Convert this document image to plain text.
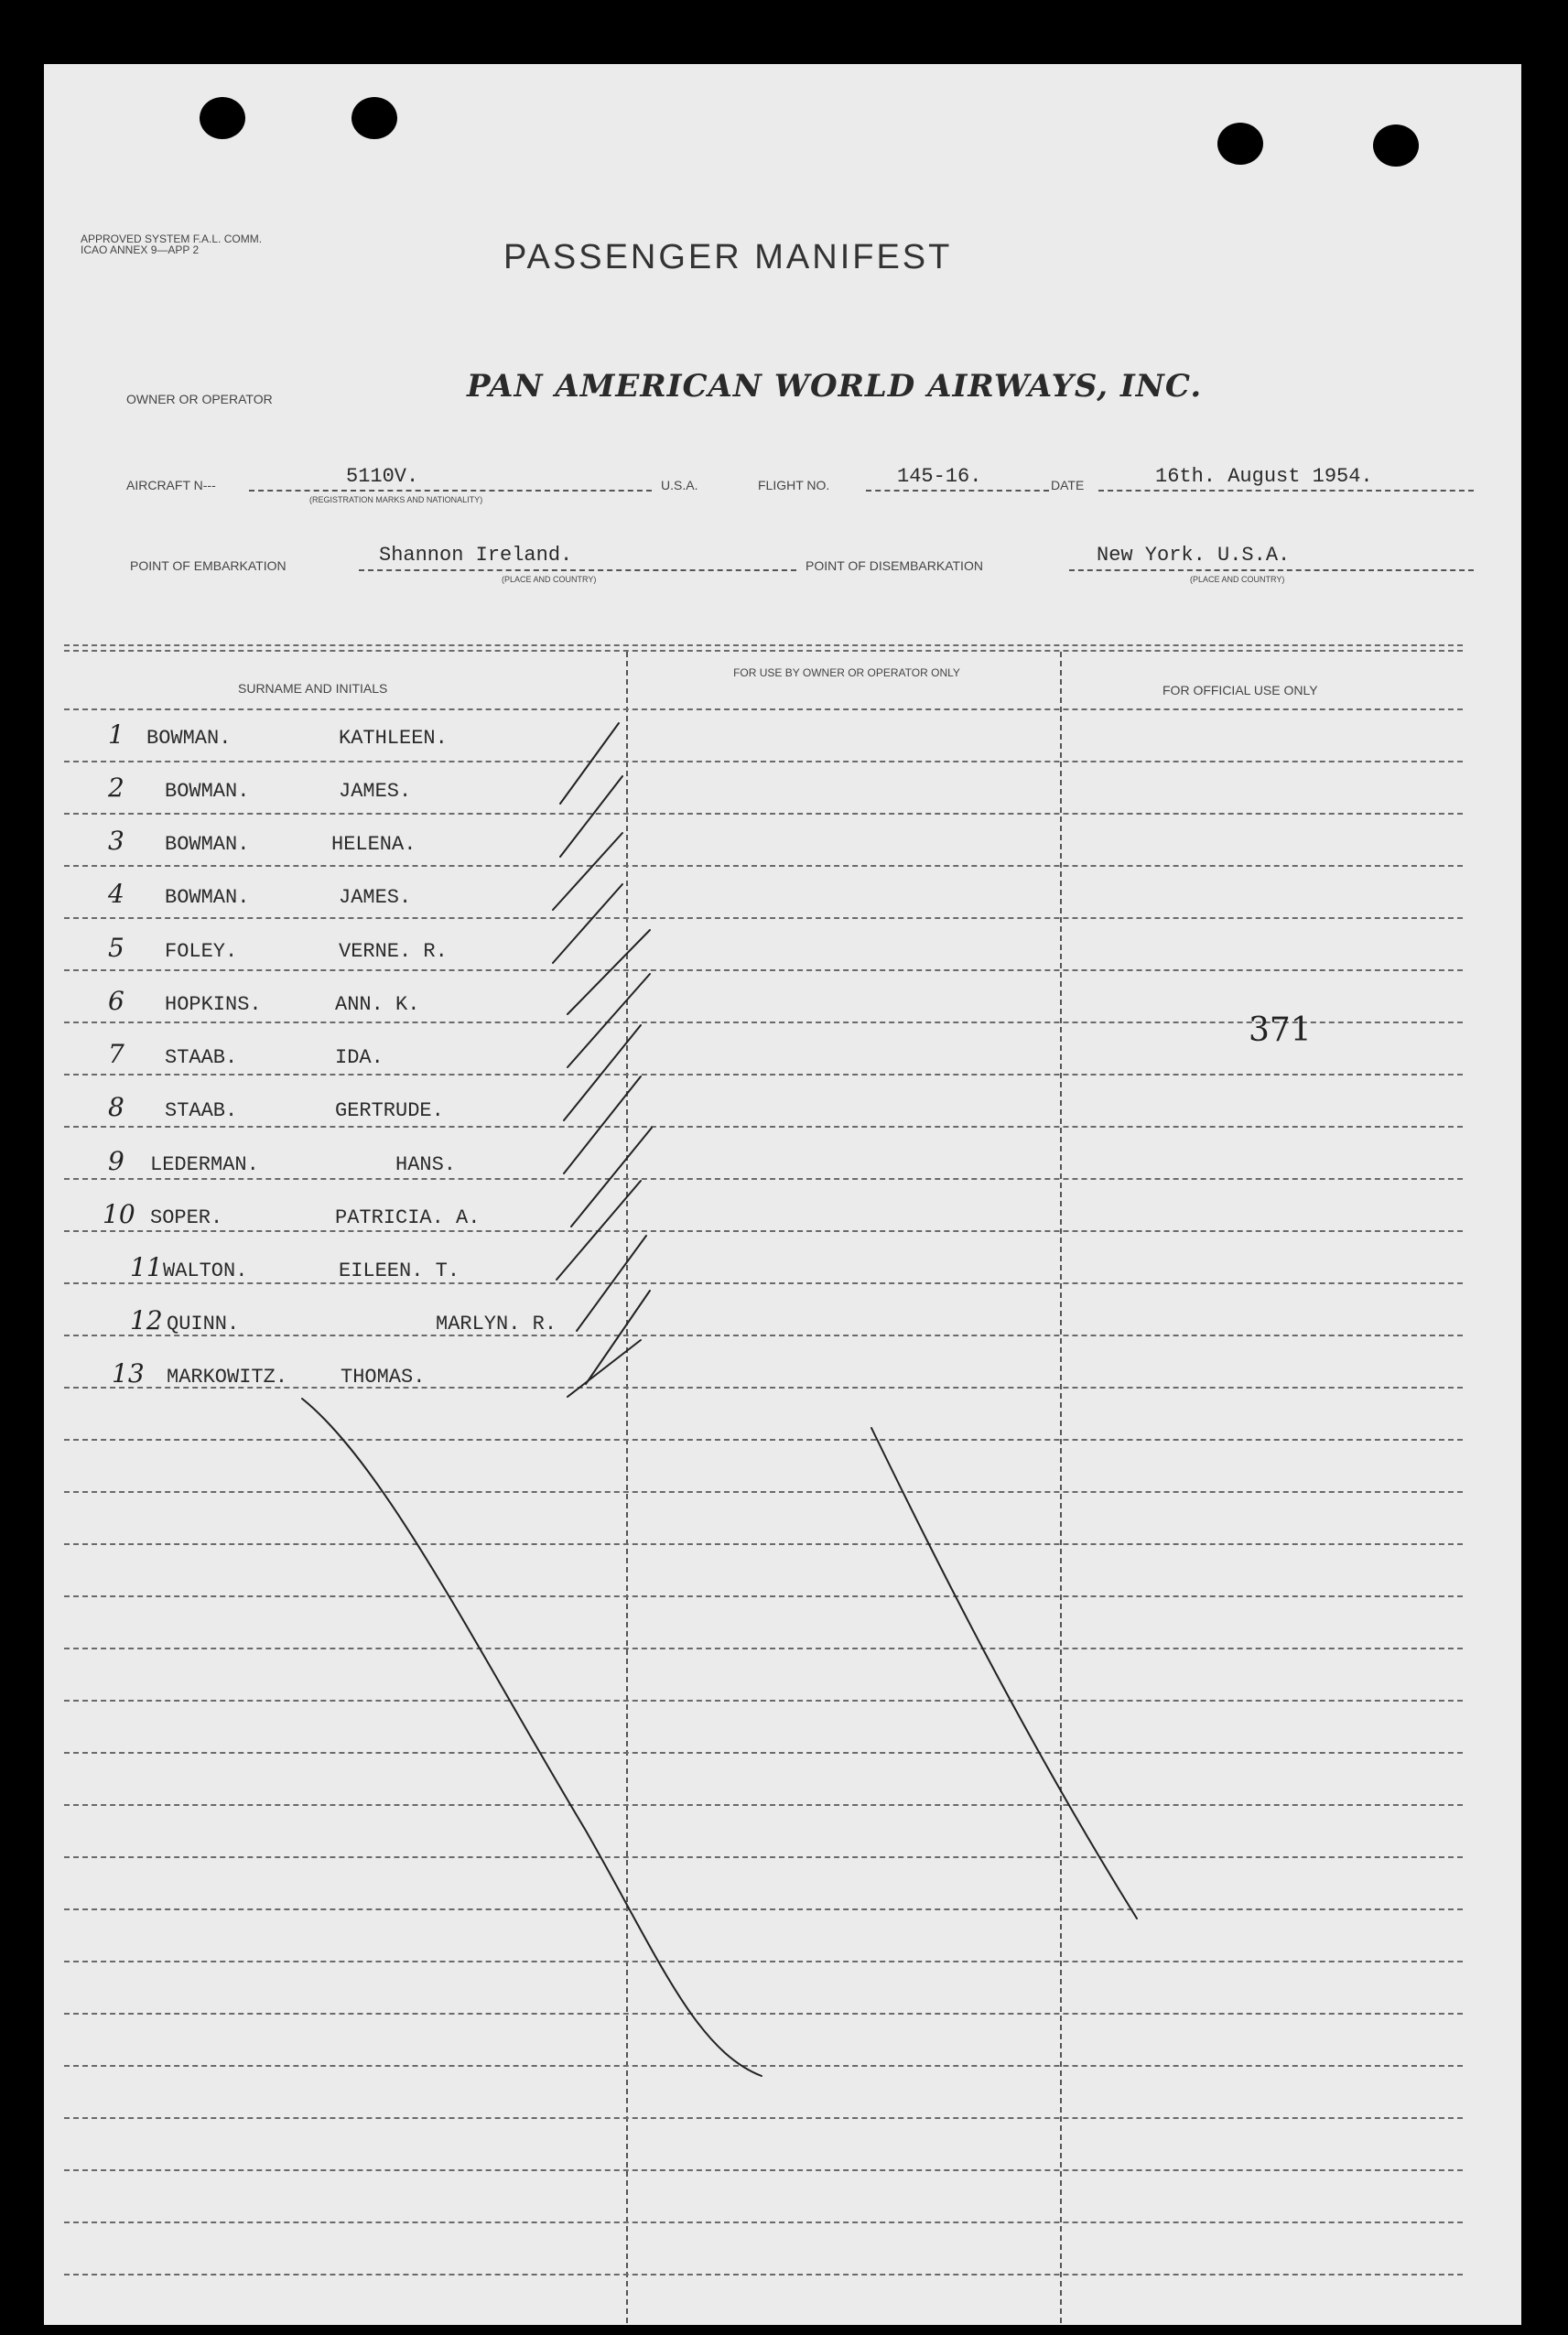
APPROVED SYSTEM F.A.L. COMM. ICAO ANNEX 9—APP 2	PASSENGER MANIFEST
OWNER OR OPERATOR	PAN AMERICAN WORLD AIRWAYS, INC.
AIRCRAFT N---	5110V.
(REGISTRATION MARKS AND NATIONALITY)
U.S.A.	FLIGHT NO.	145-16.	DATE	16th. August 1954.
POINT OF EMBARKATION	Shannon Ireland.
(PLACE AND COUNTRY)
POINT OF DISEMBARKATION	New York. U.S.A.
(PLACE AND COUNTRY)
SURNAME AND INITIALS
FOR USE BY OWNER OR OPERATOR ONLY
FOR OFFICIAL USE ONLY
1 BOWMAN.	KATHLEEN.
2 BOWMAN.	JAMES.
3 BOWMAN.	HELENA.
4 BOWMAN.	JAMES.
5 FOLEY.	VERNE. R.
6 HOPKINS.	ANN. K.
7 STAAB.	IDA.
8 STAAB.	GERTRUDE.
9 LEDERMAN.	HANS.
10 SOPER.	PATRICIA. A.
11 WALTON.	EILEEN. T.
12 QUINN.	MARLYN. R.
13 MARKOWITZ.	THOMAS.
371
